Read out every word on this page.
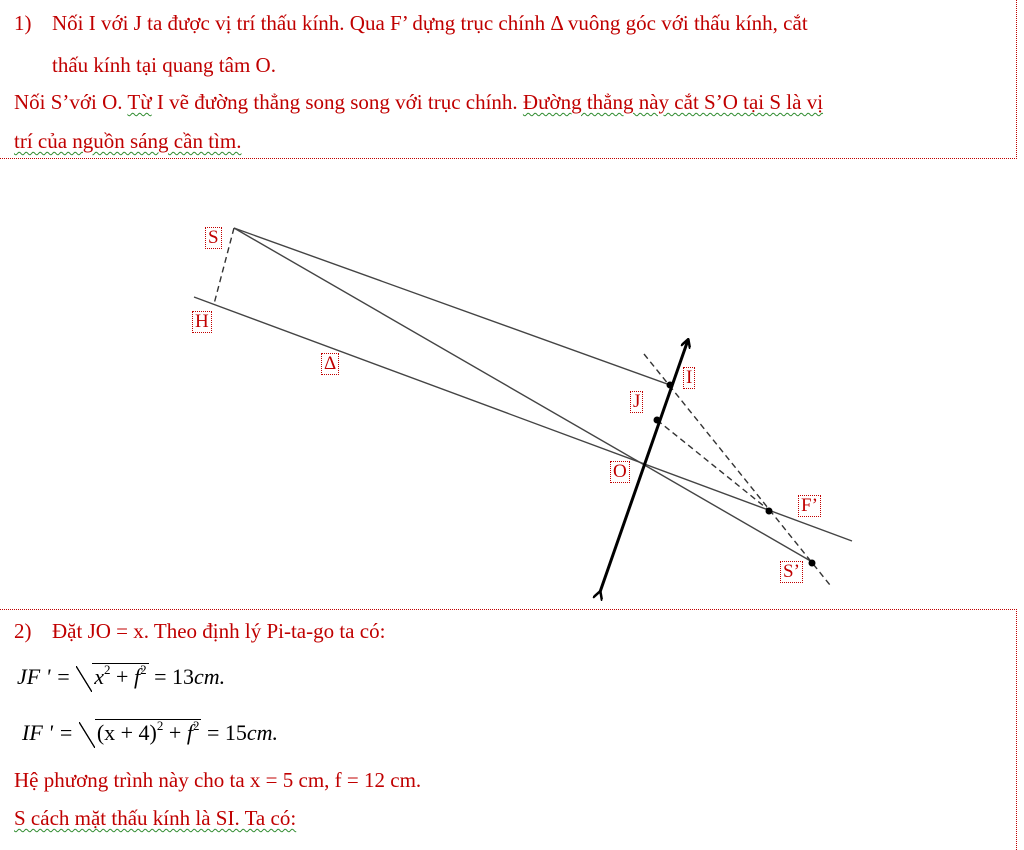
1) Nối I với J ta được vị trí thấu kính. Qua F’ dựng trục chính Δ vuông góc với thấu kính, cắt
thấu kính tại quang tâm O.
Nối S’với O. Từ I vẽ đường thẳng song song với trục chính. Đường thẳng này cắt S’O tại S là vị
trí của nguồn sáng cần tìm.
S
H
Δ
I
J
O
F’
S’
2) Đặt JO = x. Theo định lý Pi-ta-go ta có:
JF ' = $x^2 + f^2 = 13cm$.
IF ' = $(x + 4)^2 + f^2 = 15cm$.
Hệ phương trình này cho ta x = 5 cm, f = 12 cm.
S cách mặt thấu kính là SI. Ta có:
